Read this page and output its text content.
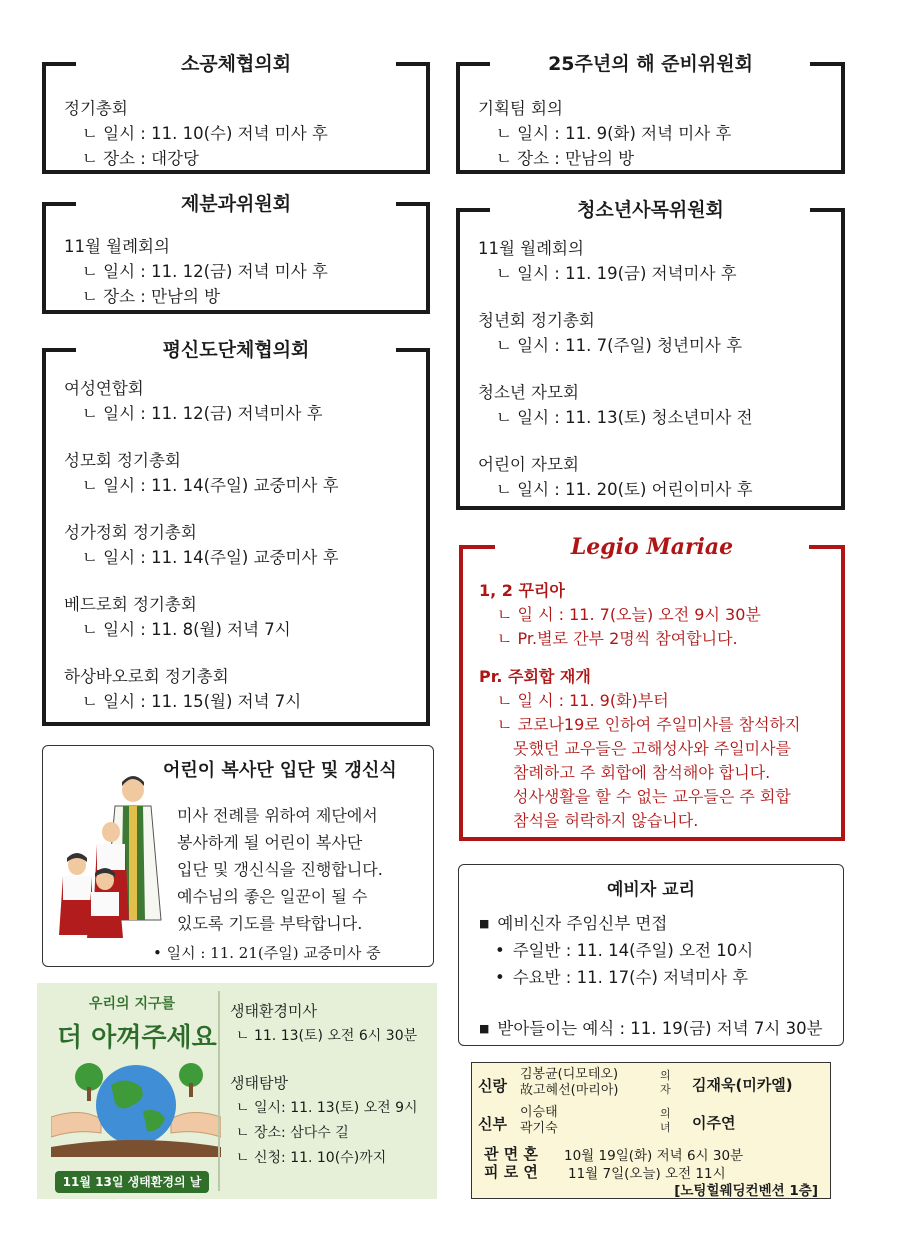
소공체협의회
정기총회
ㄴ 일시 : 11. 10(수) 저녁 미사 후
ㄴ 장소 : 대강당
25주년의 해 준비위원회
기획팀 회의
ㄴ 일시 : 11. 9(화) 저녁 미사 후
ㄴ 장소 : 만남의 방
제분과위원회
11월 월례회의
ㄴ 일시 : 11. 12(금) 저녁 미사 후
ㄴ 장소 : 만남의 방
청소년사목위원회
11월 월례회의
ㄴ 일시 : 11. 19(금) 저녁미사 후
청년회 정기총회
ㄴ 일시 : 11. 7(주일) 청년미사 후
청소년 자모회
ㄴ 일시 : 11. 13(토) 청소년미사 전
어린이 자모회
ㄴ 일시 : 11. 20(토) 어린이미사 후
평신도단체협의회
여성연합회
ㄴ 일시 : 11. 12(금) 저녁미사 후
성모회 정기총회
ㄴ 일시 : 11. 14(주일) 교중미사 후
성가정회 정기총회
ㄴ 일시 : 11. 14(주일) 교중미사 후
베드로회 정기총회
ㄴ 일시 : 11. 8(월) 저녁 7시
하상바오로회 정기총회
ㄴ 일시 : 11. 15(월) 저녁 7시
Legio Mariae
1, 2 꾸리아
ㄴ 일 시 : 11. 7(오늘) 오전 9시 30분
ㄴ Pr.별로 간부 2명씩 참여합니다.
Pr. 주회합 재개
ㄴ 일 시 : 11. 9(화)부터
ㄴ 코로나19로 인하여 주일미사를 참석하지
못했던 교우들은 고해성사와 주일미사를
참례하고 주 회합에 참석해야 합니다.
성사생활을 할 수 없는 교우들은 주 회합
참석을 허락하지 않습니다.
어린이 복사단 입단 및 갱신식
미사 전례를 위하여 제단에서
봉사하게 될 어린이 복사단
입단 및 갱신식을 진행합니다.
예수님의 좋은 일꾼이 될 수
있도록 기도를 부탁합니다.
• 일시 : 11. 21(주일) 교중미사 중
예비자 교리
■ 예비신자 주임신부 면접
• 주일반 : 11. 14(주일) 오전 10시
• 수요반 : 11. 17(수) 저녁미사 후
■ 받아들이는 예식 : 11. 19(금) 저녁 7시 30분
우리의 지구를
더 아껴주세요
11월 13일 생태환경의 날
생태환경미사
ㄴ 11. 13(토) 오전 6시 30분
생태탐방
ㄴ 일시: 11. 13(토) 오전 9시
ㄴ 장소: 삼다수 길
ㄴ 신청: 11. 10(수)까지
신랑
김봉균(디모테오)
故고혜선(마리아)
의
자 김재욱(미카엘)
신부
이승태
곽기숙
의
녀 이주연
관 면 혼 10월 19일(화) 저녁 6시 30분
피 로 연 11월 7일(오늘) 오전 11시
[노팅힐웨딩컨벤션 1층]
